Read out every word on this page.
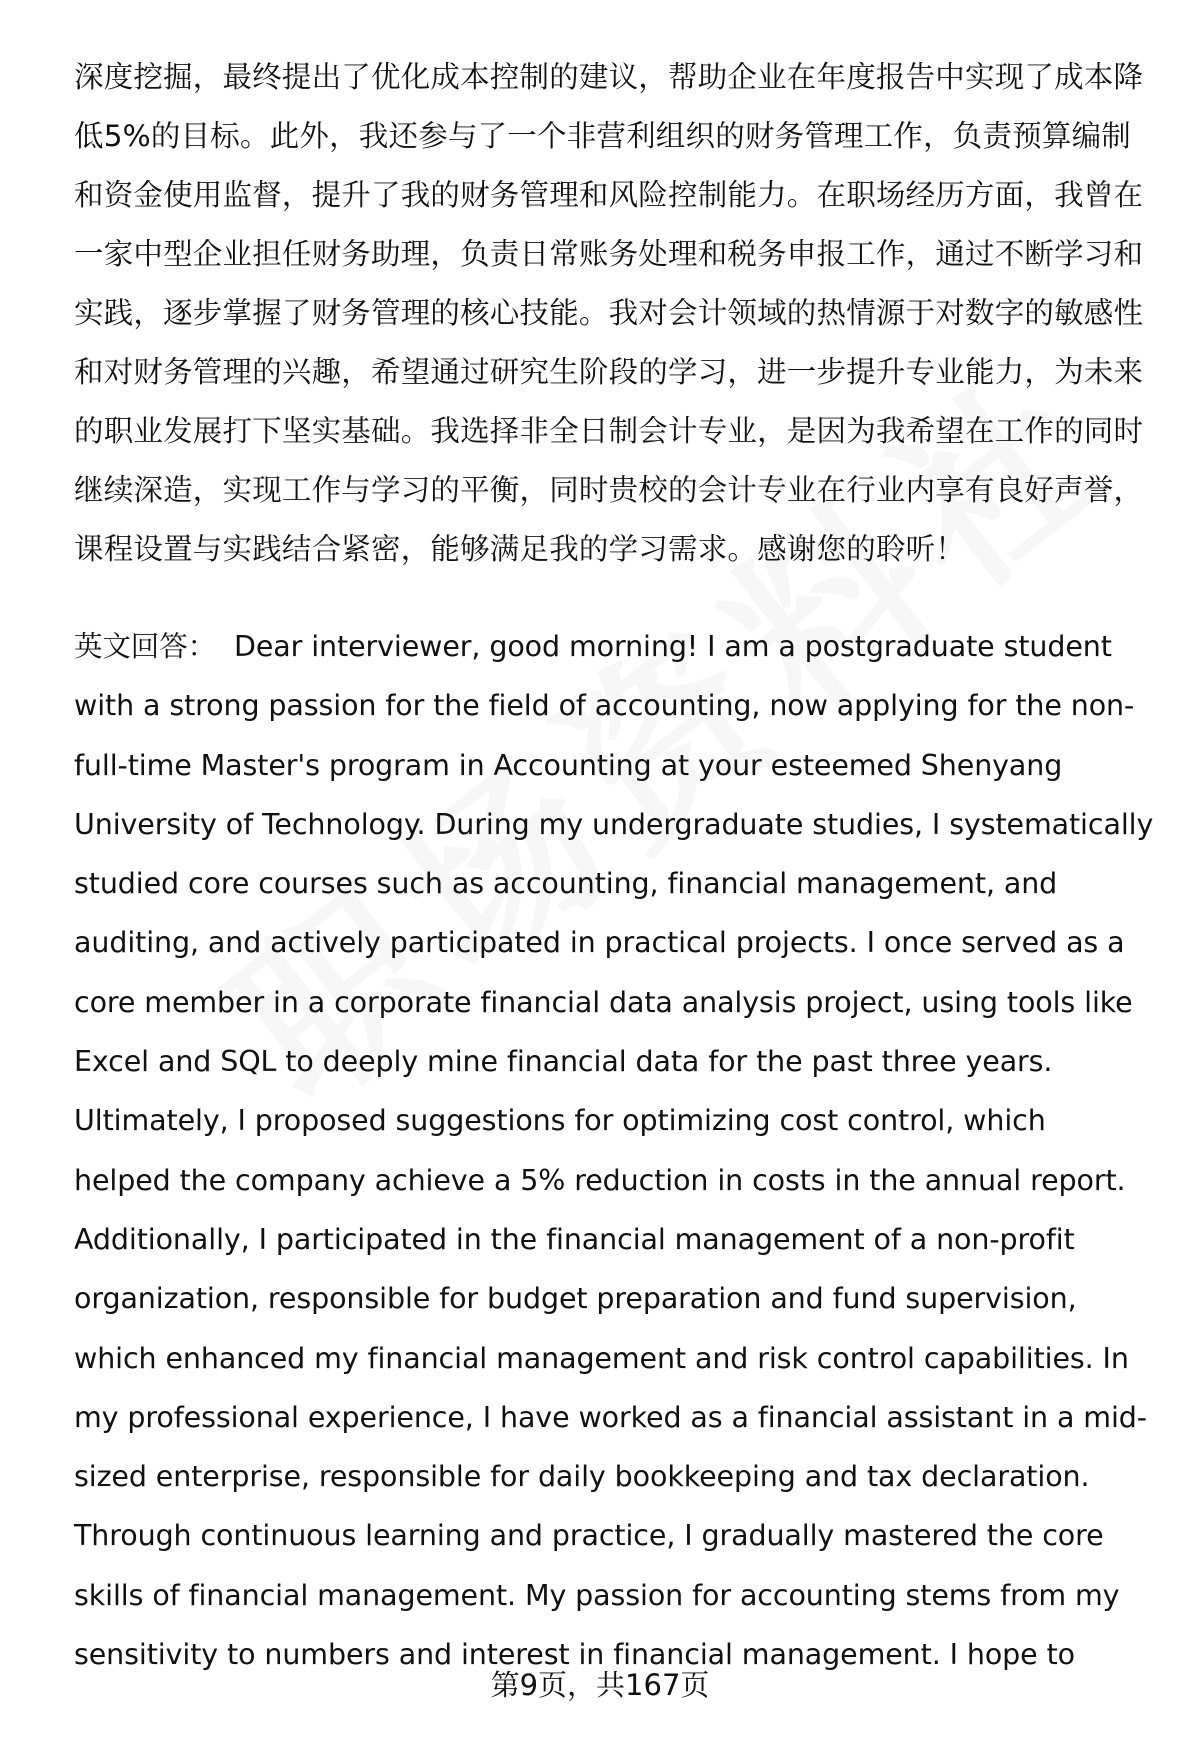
深度挖掘，最终提出了优化成本控制的建议，帮助企业在年度报告中实现了成本降
低5%的目标。此外，我还参与了一个非营利组织的财务管理工作，负责预算编制
和资金使用监督，提升了我的财务管理和风险控制能力。在职场经历方面，我曾在
一家中型企业担任财务助理，负责日常账务处理和税务申报工作，通过不断学习和
实践，逐步掌握了财务管理的核心技能。我对会计领域的热情源于对数字的敏感性
和对财务管理的兴趣，希望通过研究生阶段的学习，进一步提升专业能力，为未来
的职业发展打下坚实基础。我选择非全日制会计专业，是因为我希望在工作的同时
继续深造，实现工作与学习的平衡，同时贵校的会计专业在行业内享有良好声誉，
课程设置与实践结合紧密，能够满足我的学习需求。感谢您的聆听！
英文回答： Dear interviewer, good morning! I am a postgraduate student
with a strong passion for the field of accounting, now applying for the non-
full-time Master's program in Accounting at your esteemed Shenyang
University of Technology. During my undergraduate studies, I systematically
studied core courses such as accounting, financial management, and
auditing, and actively participated in practical projects. I once served as a
core member in a corporate financial data analysis project, using tools like
Excel and SQL to deeply mine financial data for the past three years.
Ultimately, I proposed suggestions for optimizing cost control, which
helped the company achieve a 5% reduction in costs in the annual report.
Additionally, I participated in the financial management of a non-profit
organization, responsible for budget preparation and fund supervision,
which enhanced my financial management and risk control capabilities. In
my professional experience, I have worked as a financial assistant in a mid-
sized enterprise, responsible for daily bookkeeping and tax declaration.
Through continuous learning and practice, I gradually mastered the core
skills of financial management. My passion for accounting stems from my
sensitivity to numbers and interest in financial management. I hope to
第9页，共167页
